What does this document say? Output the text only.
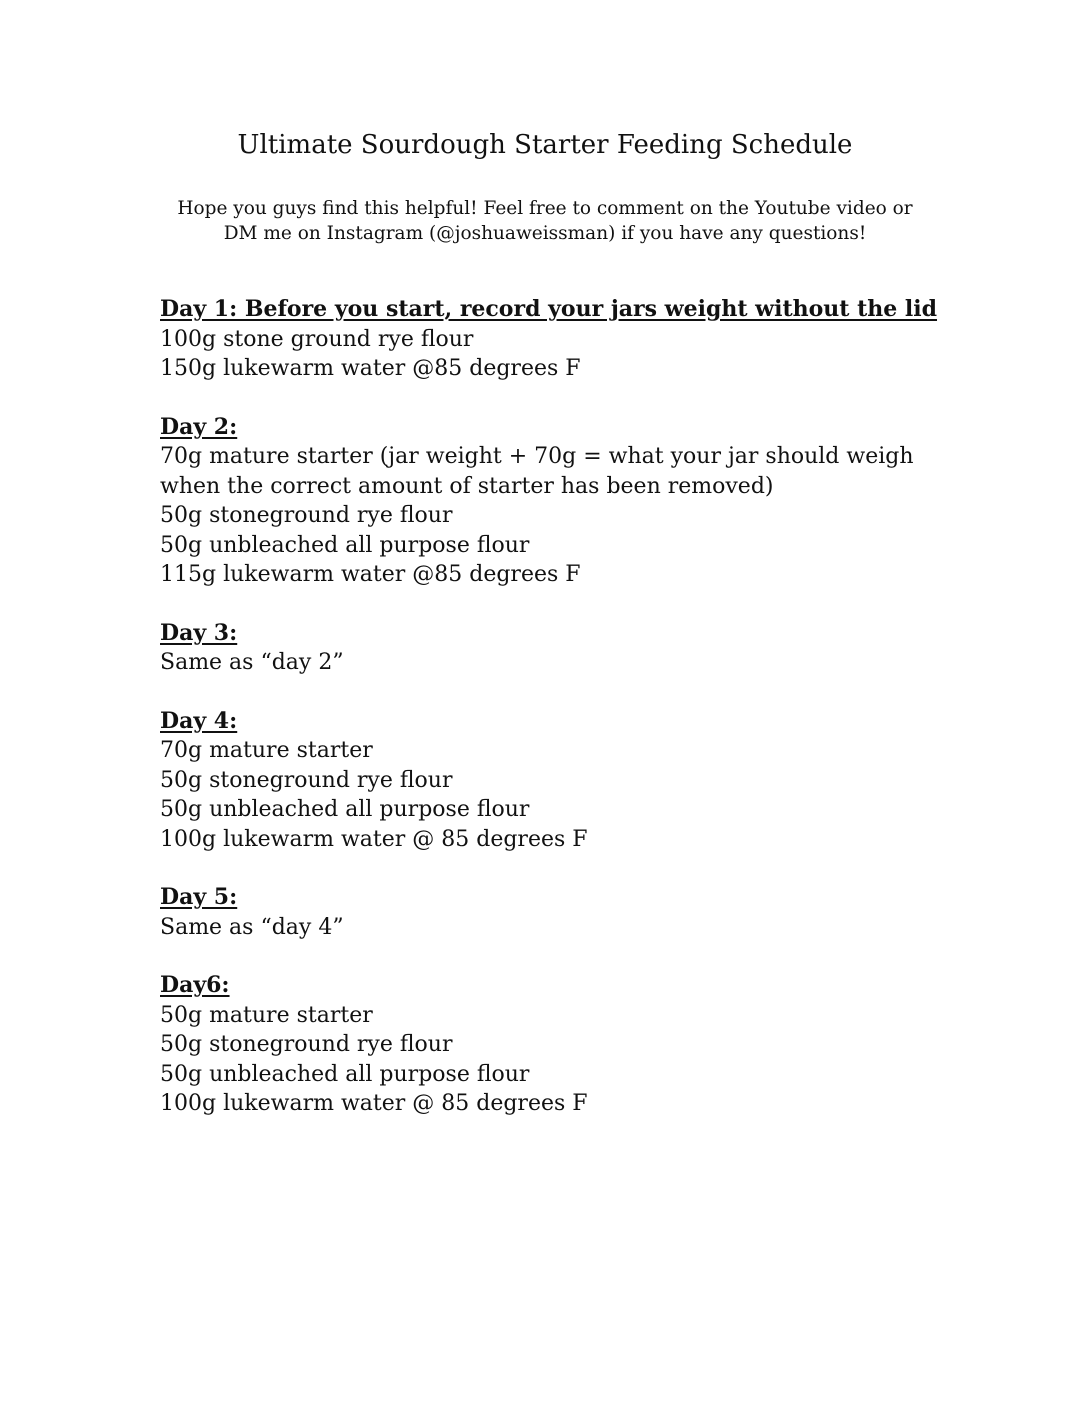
Ultimate Sourdough Starter Feeding Schedule
Hope you guys find this helpful! Feel free to comment on the Youtube video or DM me on Instagram (@joshuaweissman) if you have any questions!
Day 1: Before you start, record your jars weight without the lid
100g stone ground rye flour
150g lukewarm water @85 degrees F
Day 2:
70g mature starter (jar weight + 70g = what your jar should weigh when the correct amount of starter has been removed)
50g stoneground rye flour
50g unbleached all purpose flour
115g lukewarm water @85 degrees F
Day 3:
Same as “day 2”
Day 4:
70g mature starter
50g stoneground rye flour
50g unbleached all purpose flour
100g lukewarm water @ 85 degrees F
Day 5:
Same as “day 4”
Day6:
50g mature starter
50g stoneground rye flour
50g unbleached all purpose flour
100g lukewarm water @ 85 degrees F
